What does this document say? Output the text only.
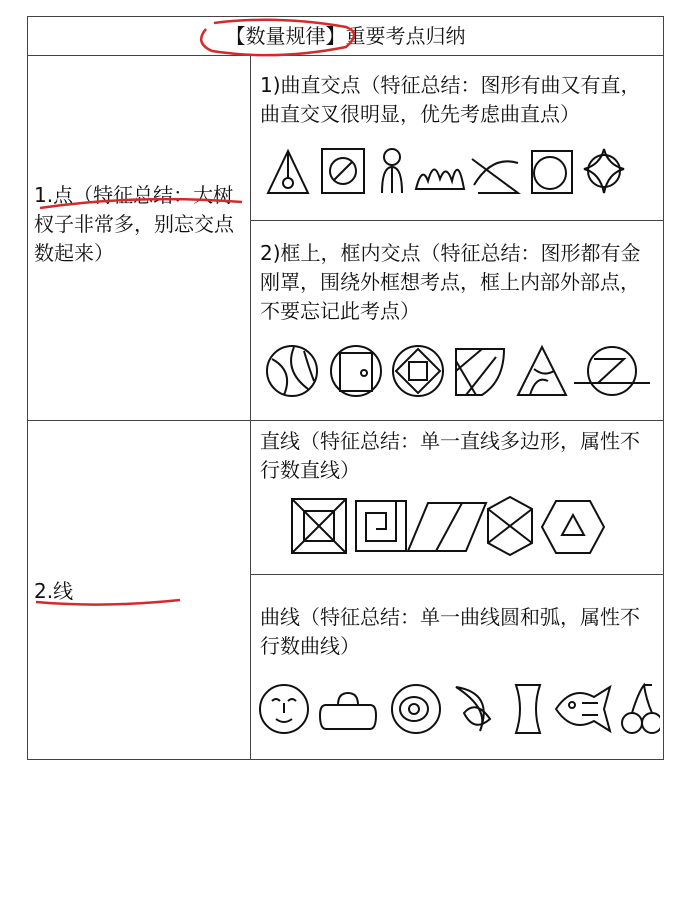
【数量规律】重要考点归纳
1.点（特征总结：大树杈子非常多，别忘交点数起来）
1)曲直交点（特征总结：图形有曲又有直，曲直交叉很明显，优先考虑曲直点）
2)框上，框内交点（特征总结：图形都有金刚罩，围绕外框想考点，框上内部外部点，不要忘记此考点）
2.线
直线（特征总结：单一直线多边形，属性不行数直线）
曲线（特征总结：单一曲线圆和弧，属性不行数曲线）
